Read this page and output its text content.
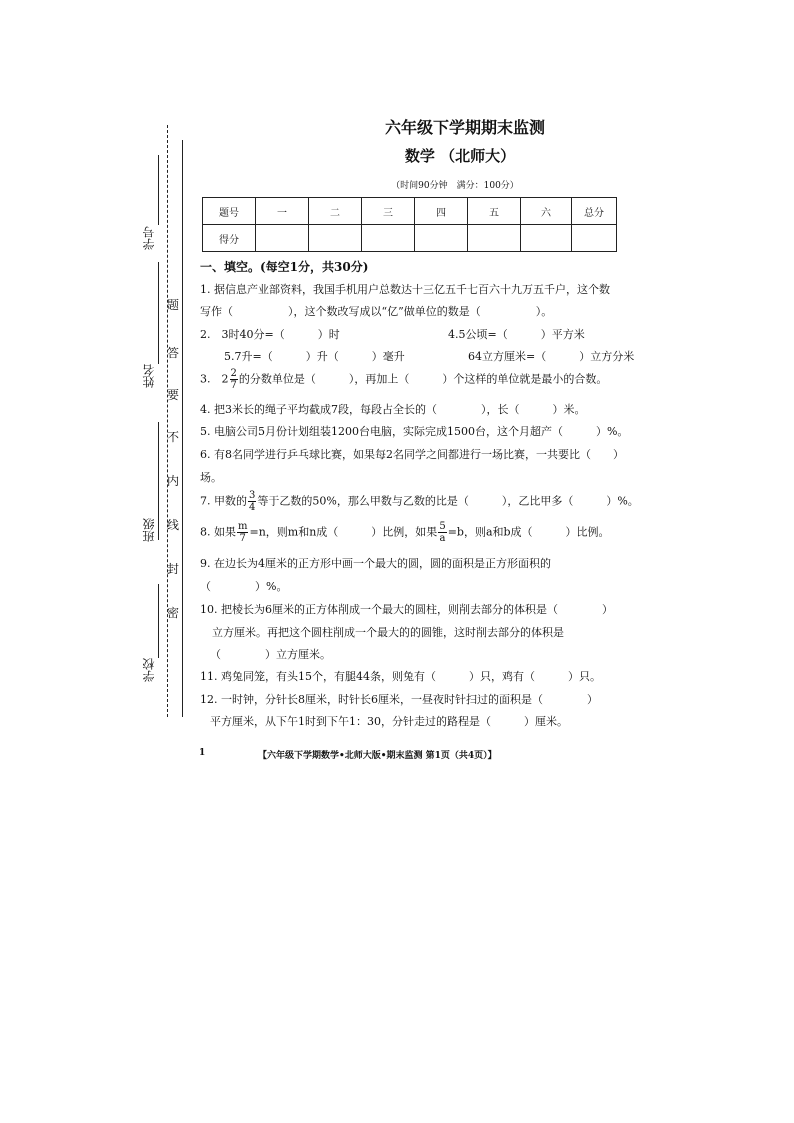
六年级下学期期末监测
数学 （北师大）
（时间90分钟　满分：100分）
学号
姓名
班级
学校
题
答
要
不
内
线
封
密
题号	一	二	三	四	五	六	总分
得分							
一、填空。(每空1分，共30分)
1. 据信息产业部资料，我国手机用户总数达十三亿五千七百六十九万五千户，这个数
写作（　　　　　），这个数改写成以“亿”做单位的数是（　　　　　）。
2.　3时40分=（　　　）时	4.5公顷=（　　　）平方米
5.7升=（　　　）升（　　　）毫升	64立方厘米=（　　　）立方分米
3.　$2 \frac{2}{7}$ 的分数单位是（　　　），再加上（　　　）个这样的单位就是最小的合数。
4. 把3米长的绳子平均截成7段，每段占全长的（　　　　），长（　　　）米。
5. 电脑公司5月份计划组装1200台电脑，实际完成1500台，这个月超产（　　　）%。
6. 有8名同学进行乒乓球比赛，如果每2名同学之间都进行一场比赛，一共要比（　　）
场。
7. 甲数的 $\frac{3}{4}$ 等于乙数的50%，那么甲数与乙数的比是（　　　），乙比甲多（　　　）%。
8. 如果 $\frac{m}{7} =n$，则m和n成（　　　）比例，如果 $\frac{5}{a} =b$，则a和b成（　　　）比例。
9. 在边长为4厘米的正方形中画一个最大的圆，圆的面积是正方形面积的
（　　　　）%。
10. 把棱长为6厘米的正方体削成一个最大的圆柱，则削去部分的体积是（　　　　）
立方厘米。再把这个圆柱削成一个最大的的圆锥，这时削去部分的体积是
（　　　　）立方厘米。
11. 鸡兔同笼，有头15个，有腿44条，则兔有（　　　）只，鸡有（　　　）只。
12. 一时钟，分针长8厘米，时针长6厘米，一昼夜时针扫过的面积是（　　　　）
平方厘米，从下午1时到下午1：30，分针走过的路程是（　　　）厘米。
1	【六年级下学期数学•北师大版•期末监测 第1页（共4页）】
